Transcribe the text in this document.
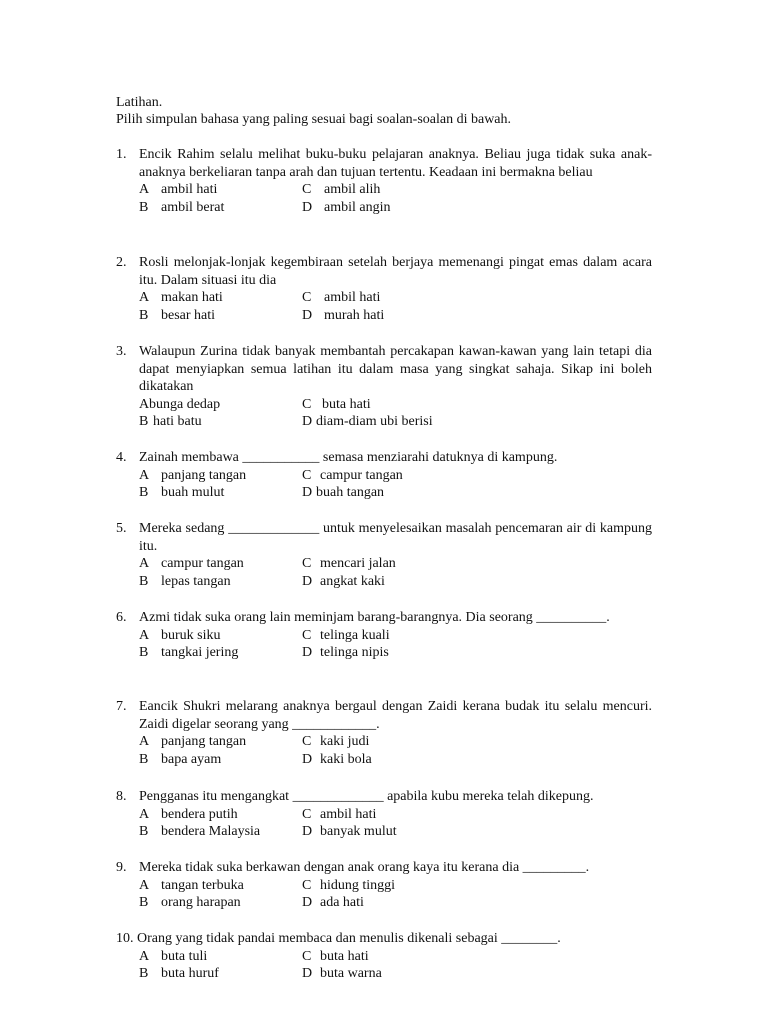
Latihan.
Pilih simpulan bahasa yang paling sesuai bagi soalan-soalan di bawah.
1. Encik Rahim selalu melihat buku-buku pelajaran anaknya. Beliau juga tidak suka anak-anaknya berkeliaran tanpa arah dan tujuan tertentu. Keadaan ini bermakna beliau
A ambil hati	C ambil alih
B ambil berat	D ambil angin
2. Rosli melonjak-lonjak kegembiraan setelah berjaya memenangi pingat emas dalam acara itu. Dalam situasi itu dia
A makan hati	C ambil hati
B besar hati	D murah hati
3. Walaupun Zurina tidak banyak membantah percakapan kawan-kawan yang lain tetapi dia dapat menyiapkan semua latihan itu dalam masa yang singkat sahaja. Sikap ini boleh dikatakan
Abunga dedap	C buta hati
B hati batu	D diam-diam ubi berisi
4. Zainah membawa ___________ semasa menziarahi datuknya di kampung.
A panjang tangan	C campur tangan
B buah mulut	D buah tangan
5. Mereka sedang _____________ untuk menyelesaikan masalah pencemaran air di kampung itu.
A campur tangan	C mencari jalan
B lepas tangan	D angkat kaki
6. Azmi tidak suka orang lain meminjam barang-barangnya. Dia seorang __________.
A buruk siku	C telinga kuali
B tangkai jering	D telinga nipis
7. Eancik Shukri melarang anaknya bergaul dengan Zaidi kerana budak itu selalu mencuri. Zaidi digelar seorang yang ____________.
A panjang tangan	C kaki judi
B bapa ayam	D kaki bola
8. Pengganas itu mengangkat _____________ apabila kubu mereka telah dikepung.
A bendera putih	C ambil hati
B bendera Malaysia	D banyak mulut
9. Mereka tidak suka berkawan dengan anak orang kaya itu kerana dia _________.
A tangan terbuka	C hidung tinggi
B orang harapan	D ada hati
10. Orang yang tidak pandai membaca dan menulis dikenali sebagai ________.
A buta tuli	C buta hati
B buta huruf	D buta warna
